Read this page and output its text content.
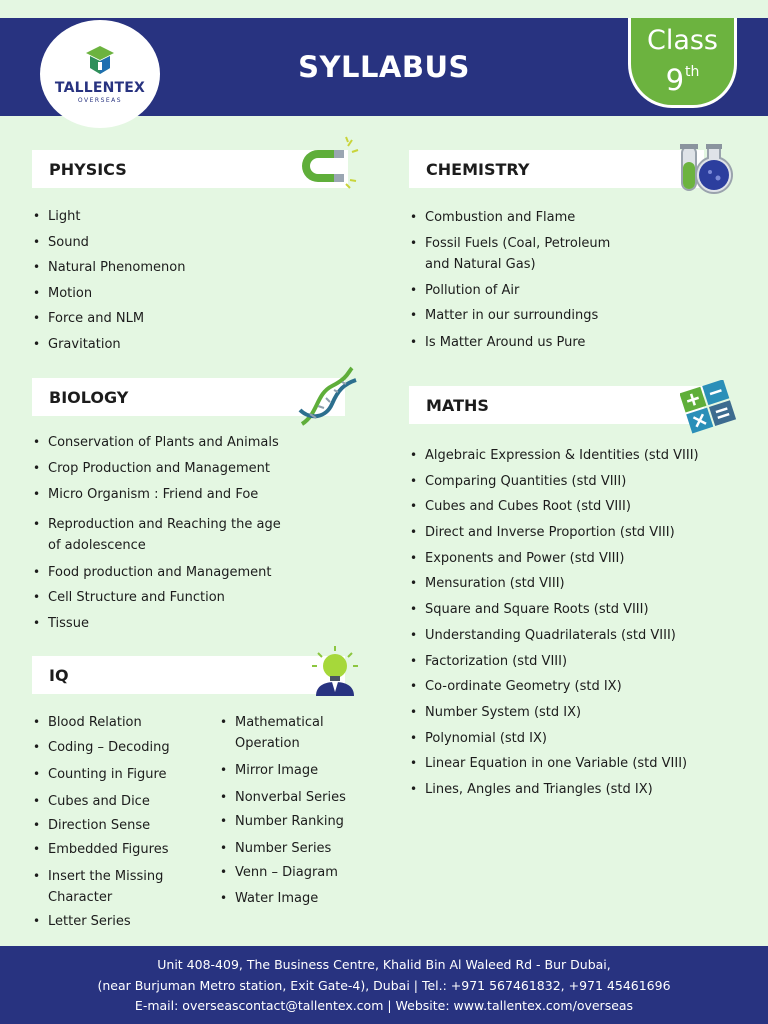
TALLENTEX
OVERSEAS
SYLLABUS
Class
9th
PHYSICS
• Light
• Sound
• Natural Phenomenon
• Motion
• Force and NLM
• Gravitation
CHEMISTRY
• Combustion and Flame
• Fossil Fuels (Coal, Petroleum
and Natural Gas)
• Pollution of Air
• Matter in our surroundings
• Is Matter Around us Pure
BIOLOGY
• Conservation of Plants and Animals
• Crop Production and Management
• Micro Organism : Friend and Foe
• Reproduction and Reaching the age
of adolescence
• Food production and Management
• Cell Structure and Function
• Tissue
MATHS
• Algebraic Expression & Identities (std VIII)
• Comparing Quantities (std VIII)
• Cubes and Cubes Root (std VIII)
• Direct and Inverse Proportion (std VIII)
• Exponents and Power (std VIII)
• Mensuration (std VIII)
• Square and Square Roots (std VIII)
• Understanding Quadrilaterals (std VIII)
• Factorization (std VIII)
• Co-ordinate Geometry (std IX)
• Number System (std IX)
• Polynomial (std IX)
• Linear Equation in one Variable (std VIII)
• Lines, Angles and Triangles (std IX)
IQ
• Blood Relation
• Coding – Decoding
• Counting in Figure
• Cubes and Dice
• Direction Sense
• Embedded Figures
• Insert the Missing
Character
• Letter Series
• Mathematical
Operation
• Mirror Image
• Nonverbal Series
• Number Ranking
• Number Series
• Venn – Diagram
• Water Image
Unit 408-409, The Business Centre, Khalid Bin Al Waleed Rd - Bur Dubai,
(near Burjuman Metro station, Exit Gate-4), Dubai | Tel.: +971 567461832, +971 45461696
E-mail: overseascontact@tallentex.com | Website: www.tallentex.com/overseas
